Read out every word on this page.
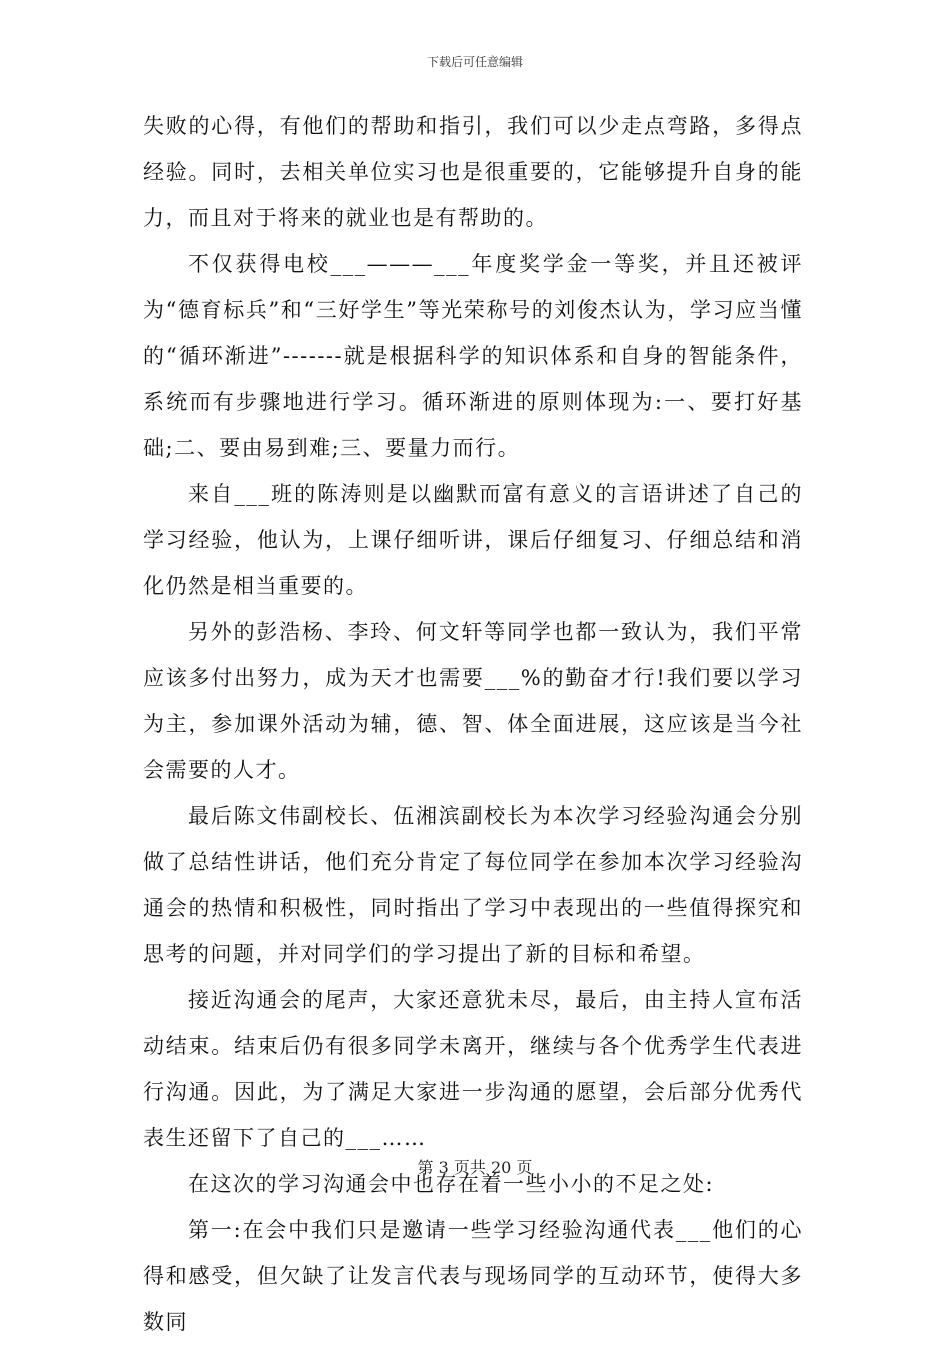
下载后可任意编辑

失败的心得，有他们的帮助和指引，我们可以少走点弯路，多得点经验。同时，去相关单位实习也是很重要的，它能够提升自身的能力，而且对于将来的就业也是有帮助的。

不仅获得电校___———___年度奖学金一等奖，并且还被评为“德育标兵”和“三好学生”等光荣称号的刘俊杰认为，学习应当懂的“循环渐进”-------就是根据科学的知识体系和自身的智能条件，系统而有步骤地进行学习。循环渐进的原则体现为:一、要打好基础;二、要由易到难;三、要量力而行。

来自___班的陈涛则是以幽默而富有意义的言语讲述了自己的学习经验，他认为，上课仔细听讲，课后仔细复习、仔细总结和消化仍然是相当重要的。

另外的彭浩杨、李玲、何文轩等同学也都一致认为，我们平常应该多付出努力，成为天才也需要___%的勤奋才行!我们要以学习为主，参加课外活动为辅，德、智、体全面进展，这应该是当今社会需要的人才。

最后陈文伟副校长、伍湘滨副校长为本次学习经验沟通会分别做了总结性讲话，他们充分肯定了每位同学在参加本次学习经验沟通会的热情和积极性，同时指出了学习中表现出的一些值得探究和思考的问题，并对同学们的学习提出了新的目标和希望。

接近沟通会的尾声，大家还意犹未尽，最后，由主持人宣布活动结束。结束后仍有很多同学未离开，继续与各个优秀学生代表进行沟通。因此，为了满足大家进一步沟通的愿望，会后部分优秀代表生还留下了自己的___……

在这次的学习沟通会中也存在着一些小小的不足之处:

第一:在会中我们只是邀请一些学习经验沟通代表___他们的心得和感受，但欠缺了让发言代表与现场同学的互动环节，使得大多数同

第 3 页共 20 页
